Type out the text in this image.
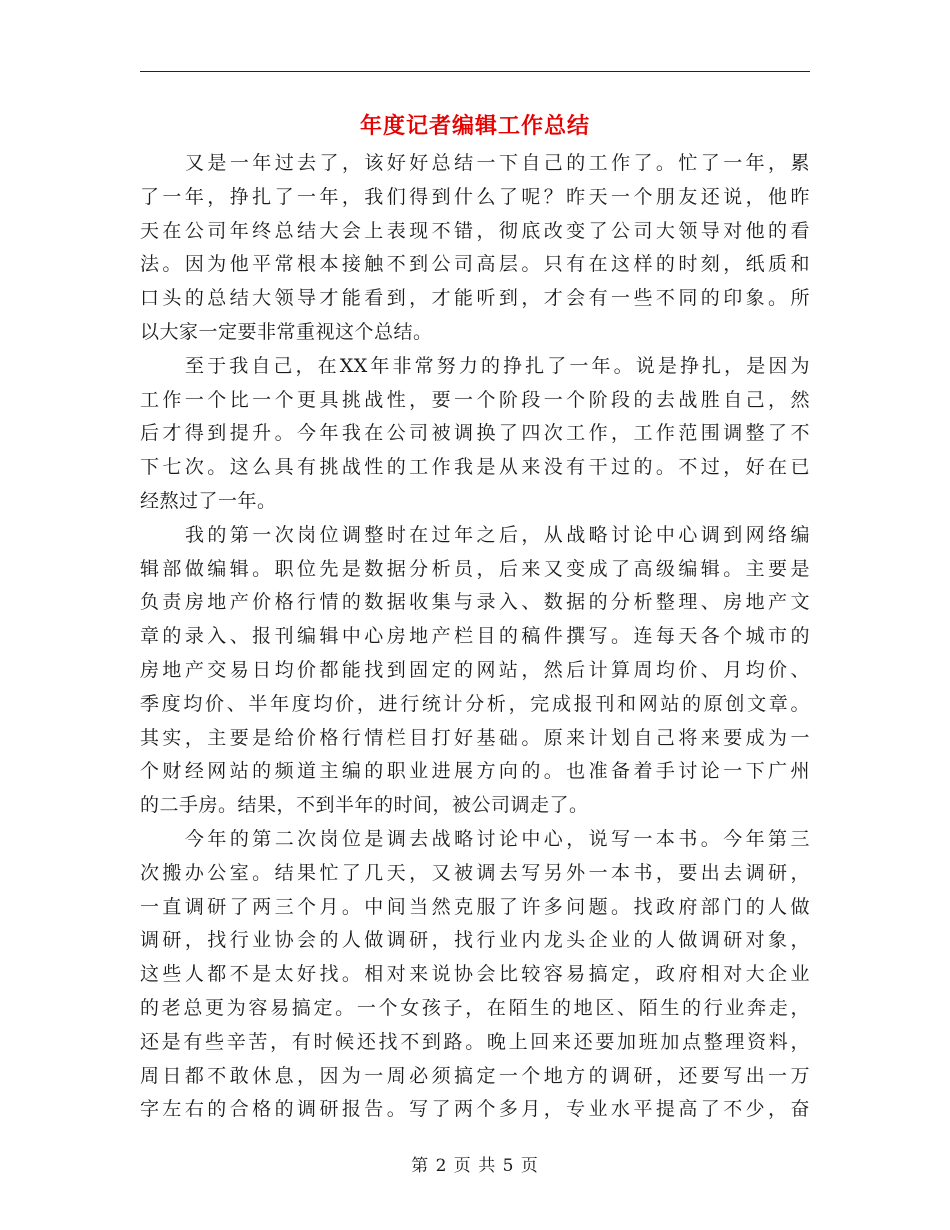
年度记者编辑工作总结
又是一年过去了，该好好总结一下自己的工作了。忙了一年，累
了一年，挣扎了一年，我们得到什么了呢？昨天一个朋友还说，他昨
天在公司年终总结大会上表现不错，彻底改变了公司大领导对他的看
法。因为他平常根本接触不到公司高层。只有在这样的时刻，纸质和
口头的总结大领导才能看到，才能听到，才会有一些不同的印象。所
以大家一定要非常重视这个总结。
至于我自己，在XX年非常努力的挣扎了一年。说是挣扎，是因为
工作一个比一个更具挑战性，要一个阶段一个阶段的去战胜自己，然
后才得到提升。今年我在公司被调换了四次工作，工作范围调整了不
下七次。这么具有挑战性的工作我是从来没有干过的。不过，好在已
经熬过了一年。
我的第一次岗位调整时在过年之后，从战略讨论中心调到网络编
辑部做编辑。职位先是数据分析员，后来又变成了高级编辑。主要是
负责房地产价格行情的数据收集与录入、数据的分析整理、房地产文
章的录入、报刊编辑中心房地产栏目的稿件撰写。连每天各个城市的
房地产交易日均价都能找到固定的网站，然后计算周均价、月均价、
季度均价、半年度均价，进行统计分析，完成报刊和网站的原创文章。
其实，主要是给价格行情栏目打好基础。原来计划自己将来要成为一
个财经网站的频道主编的职业进展方向的。也准备着手讨论一下广州
的二手房。结果，不到半年的时间，被公司调走了。
今年的第二次岗位是调去战略讨论中心，说写一本书。今年第三
次搬办公室。结果忙了几天，又被调去写另外一本书，要出去调研，
一直调研了两三个月。中间当然克服了许多问题。找政府部门的人做
调研，找行业协会的人做调研，找行业内龙头企业的人做调研对象，
这些人都不是太好找。相对来说协会比较容易搞定，政府相对大企业
的老总更为容易搞定。一个女孩子，在陌生的地区、陌生的行业奔走，
还是有些辛苦，有时候还找不到路。晚上回来还要加班加点整理资料，
周日都不敢休息，因为一周必须搞定一个地方的调研，还要写出一万
字左右的合格的调研报告。写了两个多月，专业水平提高了不少，奋
第 2 页 共 5 页
